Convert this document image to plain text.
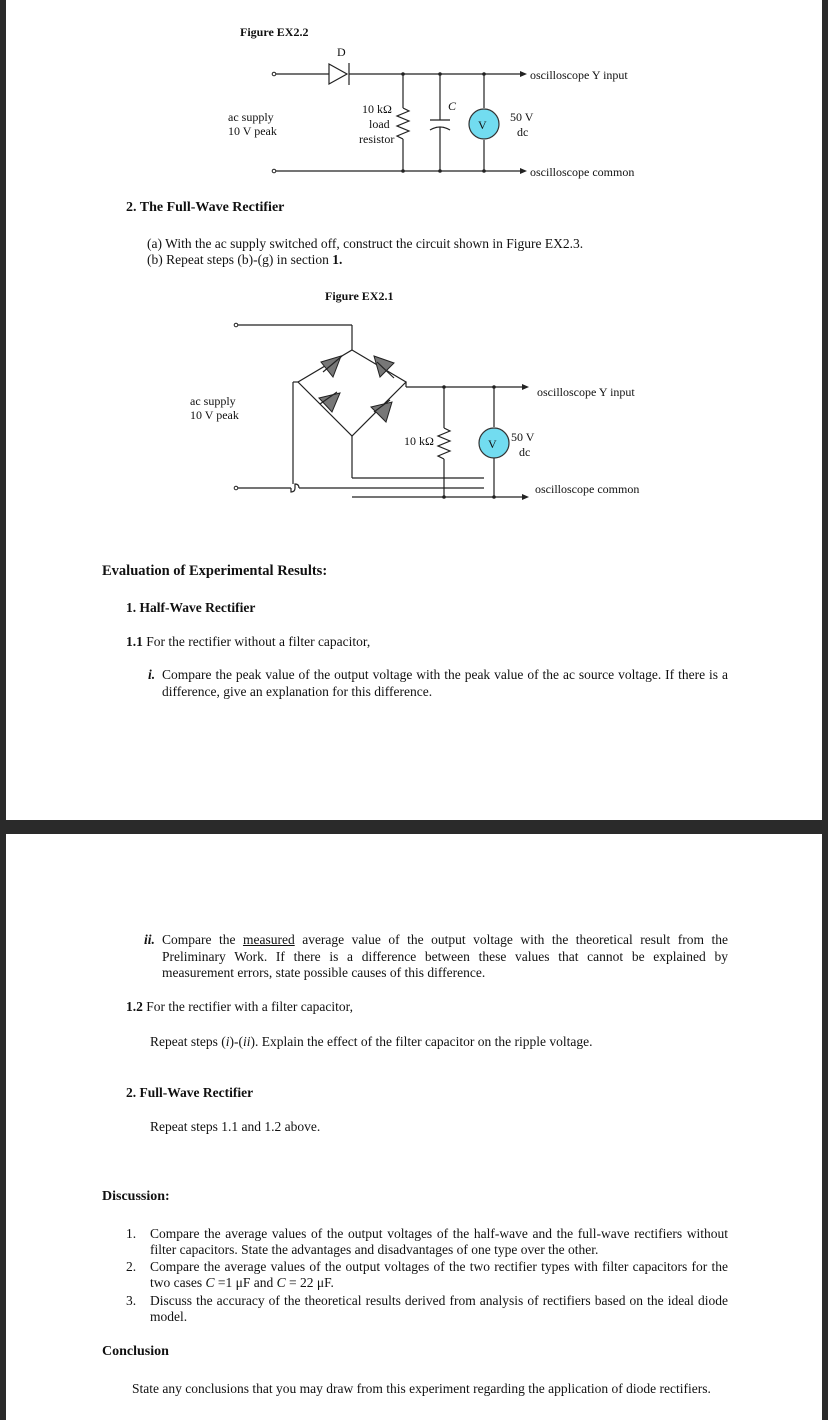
Figure EX2.2
D
V
ac supply
10 V peak
10 kΩ
load
resistor
C
50 V
dc
oscilloscope Y input
oscilloscope common
2. The Full-Wave Rectifier
(a) With the ac supply switched off, construct the circuit shown in Figure EX2.3.
(b) Repeat steps (b)-(g) in section 1.
Figure EX2.1
V
ac supply
10 V peak
10 kΩ	50 V
dc
oscilloscope Y input
oscilloscope common
Evaluation of Experimental Results:
1. Half-Wave Rectifier
1.1 For the rectifier without a filter capacitor,
i. Compare the peak value of the output voltage with the peak value of the ac source voltage. If there is a difference, give an explanation for this difference.
ii. Compare the measured average value of the output voltage with the theoretical result from the Preliminary Work. If there is a difference between these values that cannot be explained by measurement errors, state possible causes of this difference.
1.2 For the rectifier with a filter capacitor,
Repeat steps (i)-(ii). Explain the effect of the filter capacitor on the ripple voltage.
2. Full-Wave Rectifier
Repeat steps 1.1 and 1.2 above.
Discussion:
1. Compare the average values of the output voltages of the half-wave and the full-wave rectifiers without filter capacitors. State the advantages and disadvantages of one type over the other.
2. Compare the average values of the output voltages of the two rectifier types with filter capacitors for the two cases C =1 μF and C = 22 μF.
3. Discuss the accuracy of the theoretical results derived from analysis of rectifiers based on the ideal diode model.
Conclusion
State any conclusions that you may draw from this experiment regarding the application of diode rectifiers.
